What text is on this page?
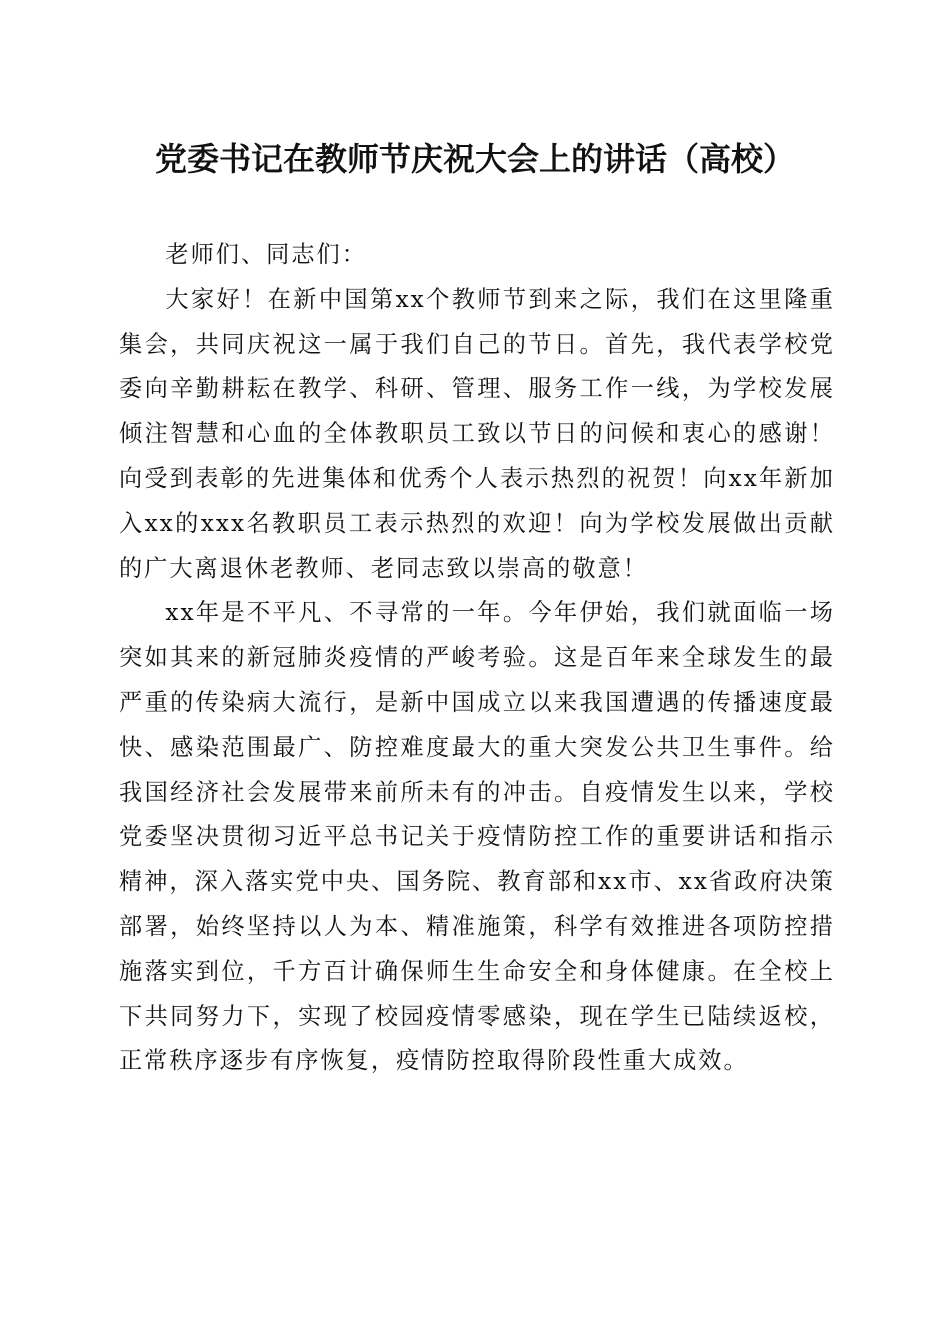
党委书记在教师节庆祝大会上的讲话（高校）

老师们、同志们：

大家好！在新中国第xx个教师节到来之际，我们在这里隆重集会，共同庆祝这一属于我们自己的节日。首先，我代表学校党委向辛勤耕耘在教学、科研、管理、服务工作一线，为学校发展倾注智慧和心血的全体教职员工致以节日的问候和衷心的感谢！向受到表彰的先进集体和优秀个人表示热烈的祝贺！向xx年新加入xx的xxx名教职员工表示热烈的欢迎！向为学校发展做出贡献的广大离退休老教师、老同志致以崇高的敬意！

xx年是不平凡、不寻常的一年。今年伊始，我们就面临一场突如其来的新冠肺炎疫情的严峻考验。这是百年来全球发生的最严重的传染病大流行，是新中国成立以来我国遭遇的传播速度最快、感染范围最广、防控难度最大的重大突发公共卫生事件。给我国经济社会发展带来前所未有的冲击。自疫情发生以来，学校党委坚决贯彻习近平总书记关于疫情防控工作的重要讲话和指示精神，深入落实党中央、国务院、教育部和xx市、xx省政府决策部署，始终坚持以人为本、精准施策，科学有效推进各项防控措施落实到位，千方百计确保师生生命安全和身体健康。在全校上下共同努力下，实现了校园疫情零感染，现在学生已陆续返校，正常秩序逐步有序恢复，疫情防控取得阶段性重大成效。
